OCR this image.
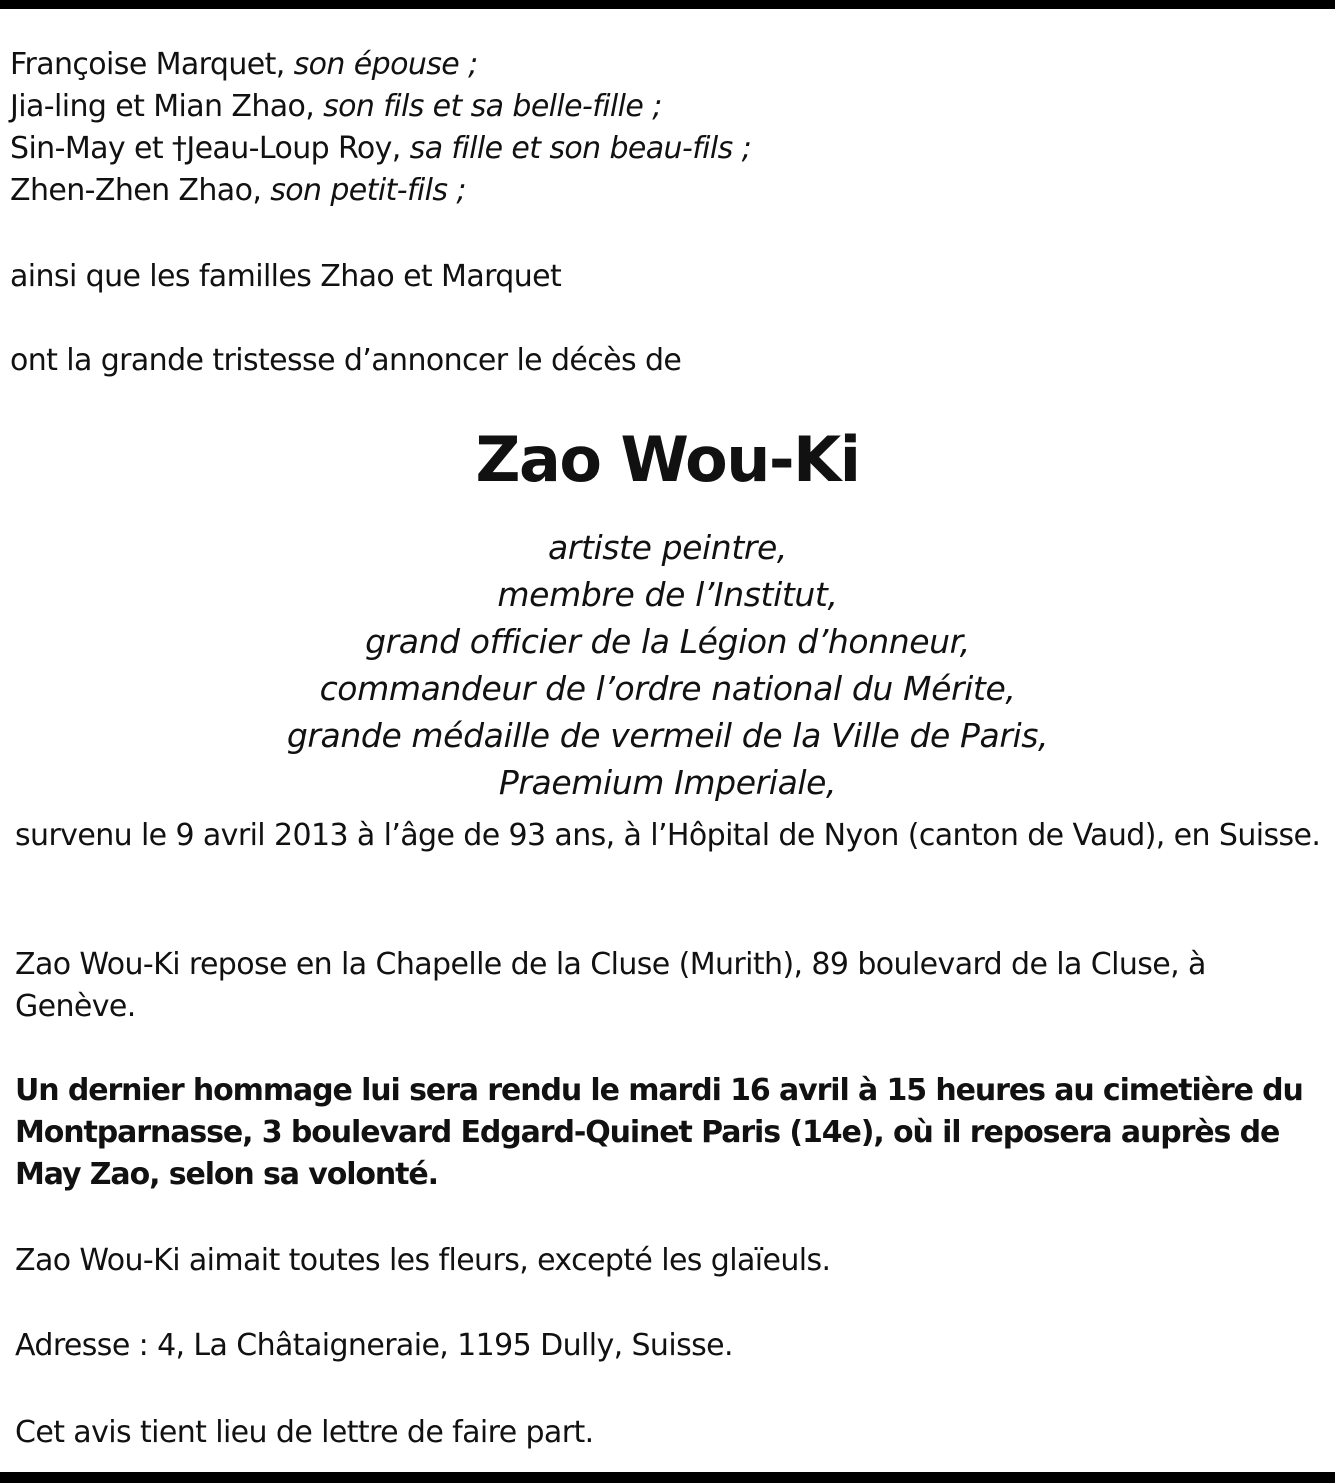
Françoise Marquet, son épouse ;
Jia-ling et Mian Zhao, son fils et sa belle-fille ;
Sin-May et †Jeau-Loup Roy, sa fille et son beau-fils ;
Zhen-Zhen Zhao, son petit-fils ;
ainsi que les familles Zhao et Marquet
ont la grande tristesse d’annoncer le décès de
Zao Wou-Ki
artiste peintre,
membre de l’Institut,
grand officier de la Légion d’honneur,
commandeur de l’ordre national du Mérite,
grande médaille de vermeil de la Ville de Paris,
Praemium Imperiale,
survenu le 9 avril 2013 à l’âge de 93 ans, à l’Hôpital de Nyon (canton de Vaud), en Suisse.
Zao Wou-Ki repose en la Chapelle de la Cluse (Murith), 89 boulevard de la Cluse, à Genève.
Un dernier hommage lui sera rendu le mardi 16 avril à 15 heures au cimetière du Montparnasse, 3 boulevard Edgard-Quinet Paris (14e), où il reposera auprès de May Zao, selon sa volonté.
Zao Wou-Ki aimait toutes les fleurs, excepté les glaïeuls.
Adresse : 4, La Châtaigneraie, 1195 Dully, Suisse.
Cet avis tient lieu de lettre de faire part.
